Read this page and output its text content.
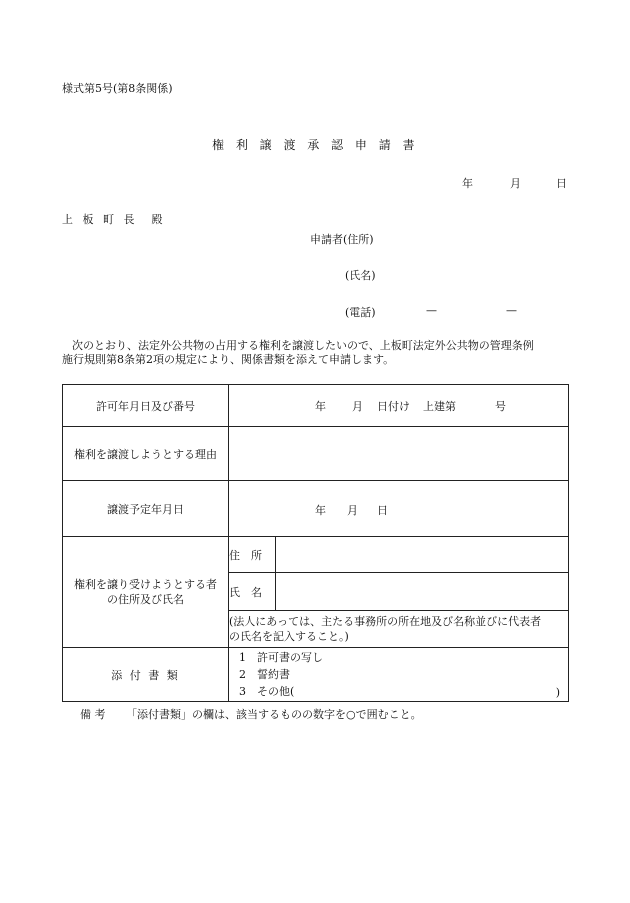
様式第5号(第8条関係)
権 利 譲 渡 承 認 申 請 書
年	月	日
上 板 町 長　殿
申請者(住所)
(氏名)
(電話)	—	—
次のとおり、法定外公共物の占用する権利を譲渡したいので、上板町法定外公共物の管理条例
施行規則第8条第2項の規定により、関係書類を添えて申請します。
許可年月日及び番号	年 月 日付け 上建第 号	

権利を譲渡しようとする理由		
譲渡予定年月日	年 月 日	

権利を譲り受けようとする者
の住所及び氏名	住　所	
	氏　名	

	(法人にあっては、主たる事務所の所在地及び名称並びに代表者
の氏名を記入すること。)	

添 付 書 類	1　許可書の写し
2　誓約書
3　その他( )	
備 考 「添付書類」の欄は、該当するものの数字を○で囲むこと。
